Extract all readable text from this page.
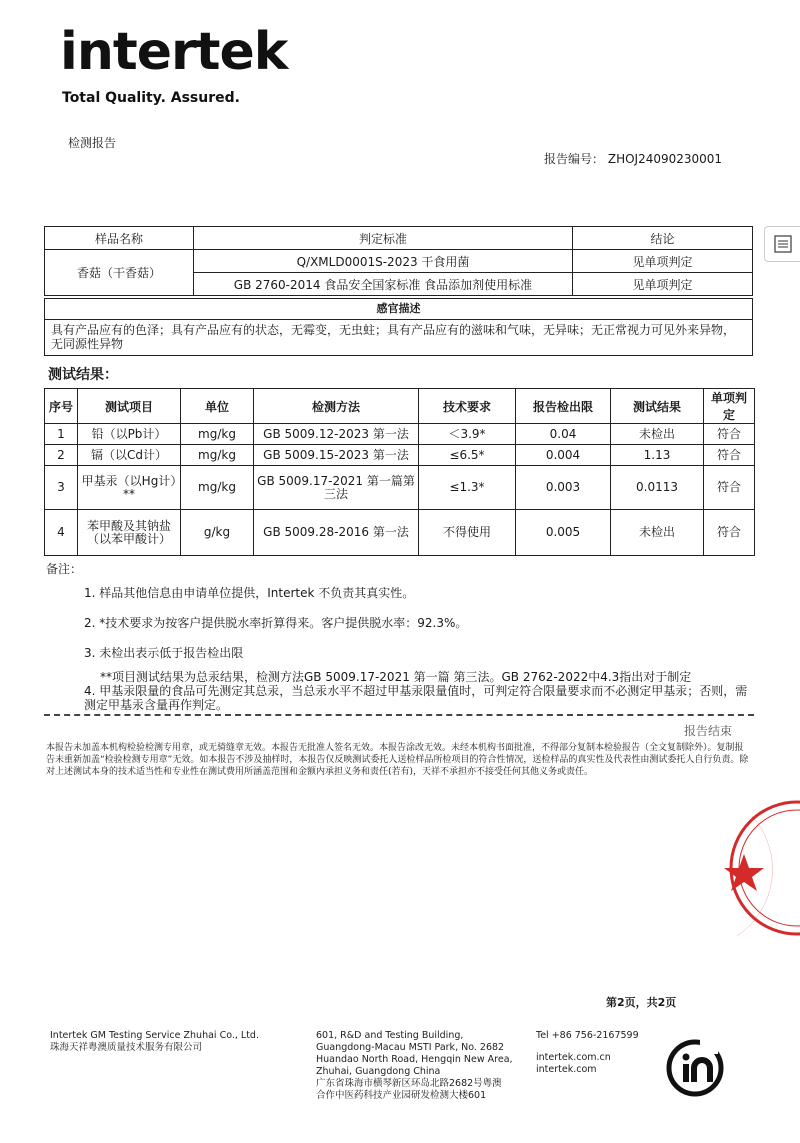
intertek
Total Quality. Assured.
检测报告
报告编号： ZHOJ24090230001
样品名称	判定标准	结论
香菇（干香菇）	Q/XMLD0001S-2023 干食用菌	见单项判定
	GB 2760-2014 食品安全国家标准 食品添加剂使用标准	见单项判定
感官描述
具有产品应有的色泽；具有产品应有的状态，无霉变，无虫蛀；具有产品应有的滋味和气味，无异味；无正常视力可见外来异物，无同源性异物
测试结果：
序号	测试项目	单位	检测方法	技术要求	报告检出限	测试结果	单项判定
1	铅（以Pb计）	mg/kg	GB 5009.12-2023 第一法	＜3.9*	0.04	未检出	符合
2	镉（以Cd计）	mg/kg	GB 5009.15-2023 第一法	≤6.5*	0.004	1.13	符合
3	甲基汞（以Hg计）**	mg/kg	GB 5009.17-2021 第一篇第三法	≤1.3*	0.003	0.0113	符合
4	苯甲酸及其钠盐（以苯甲酸计）	g/kg	GB 5009.28-2016 第一法	不得使用	0.005	未检出	符合
备注：
1. 样品其他信息由申请单位提供，Intertek 不负责其真实性。
2. *技术要求为按客户提供脱水率折算得来。客户提供脱水率：92.3%。
3. 未检出表示低于报告检出限
**项目测试结果为总汞结果，检测方法GB 5009.17-2021 第一篇 第三法。GB 2762-2022中4.3指出对于制定
4. 甲基汞限量的食品可先测定其总汞，当总汞水平不超过甲基汞限量值时，可判定符合限量要求而不必测定甲基汞；否则，需测定甲基汞含量再作判定。
报告结束
本报告未加盖本机构检验检测专用章，或无骑缝章无效。本报告无批准人签名无效。本报告涂改无效。未经本机构书面批准，不得部分复制本检验报告（全文复制除外）。复制报告未重新加盖“检验检测专用章”无效。如本报告不涉及抽样时，本报告仅反映测试委托人送检样品所检项目的符合性情况，送检样品的真实性及代表性由测试委托人自行负责。除对上述测试本身的技术适当性和专业性在测试费用所涵盖范围和金额内承担义务和责任(若有)，天祥不承担亦不接受任何其他义务或责任。
第2页，共2页
Intertek GM Testing Service Zhuhai Co., Ltd.
珠海天祥粤澳质量技术服务有限公司
601, R&D and Testing Building,
Guangdong-Macau MSTI Park, No. 2682
Huandao North Road, Hengqin New Area,
Zhuhai, Guangdong China
广东省珠海市横琴新区环岛北路2682号粤澳
合作中医药科技产业园研发检测大楼601
Tel +86 756-2167599
intertek.com.cn
intertek.com
